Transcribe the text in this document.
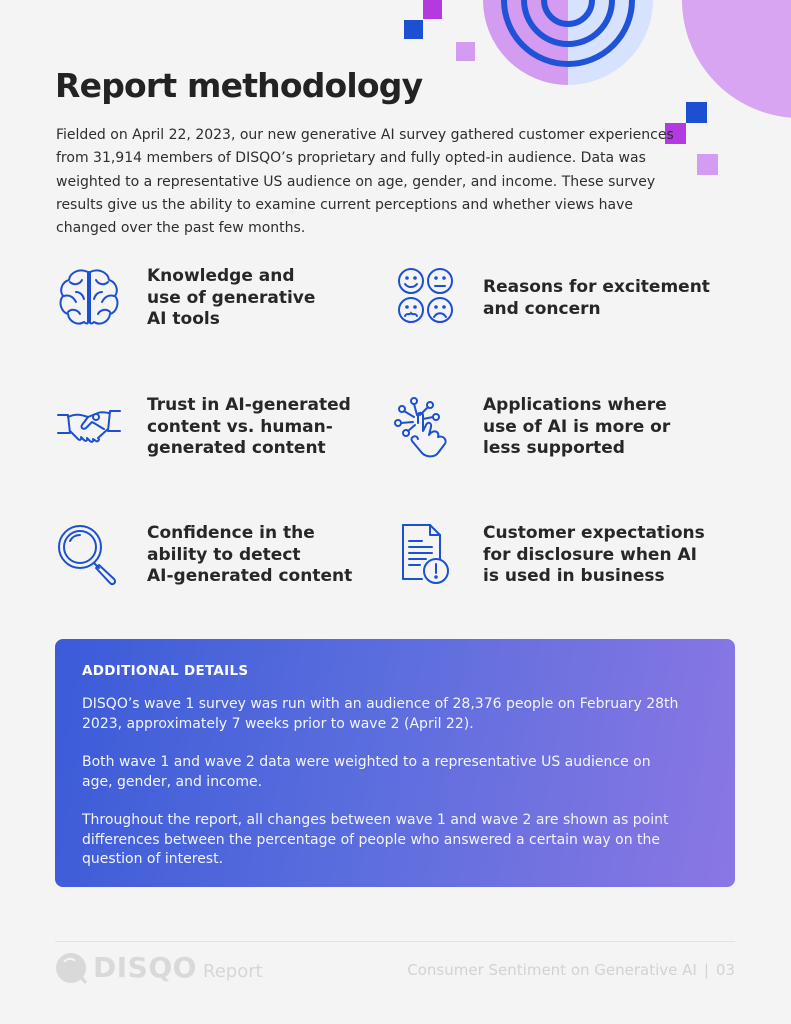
Report methodology

Fielded on April 22, 2023, our new generative AI survey gathered customer experiences from 31,914 members of DISQO’s proprietary and fully opted-in audience. Data was weighted to a representative US audience on age, gender, and income. These survey results give us the ability to examine current perceptions and whether views have changed over the past few months.

Knowledge and
use of generative
AI tools

Reasons for excitement
and concern

Trust in AI-generated
content vs. human-
generated content

Applications where
use of AI is more or
less supported

Confidence in the
ability to detect
AI-generated content

Customer expectations
for disclosure when AI
is used in business

ADDITIONAL DETAILS

DISQO’s wave 1 survey was run with an audience of 28,376 people on February 28th 2023, approximately 7 weeks prior to wave 2 (April 22).

Both wave 1 and wave 2 data were weighted to a representative US audience on age, gender, and income.

Throughout the report, all changes between wave 1 and wave 2 are shown as point differences between the percentage of people who answered a certain way on the question of interest.

DISQO Report	Consumer Sentiment on Generative AI | 03
